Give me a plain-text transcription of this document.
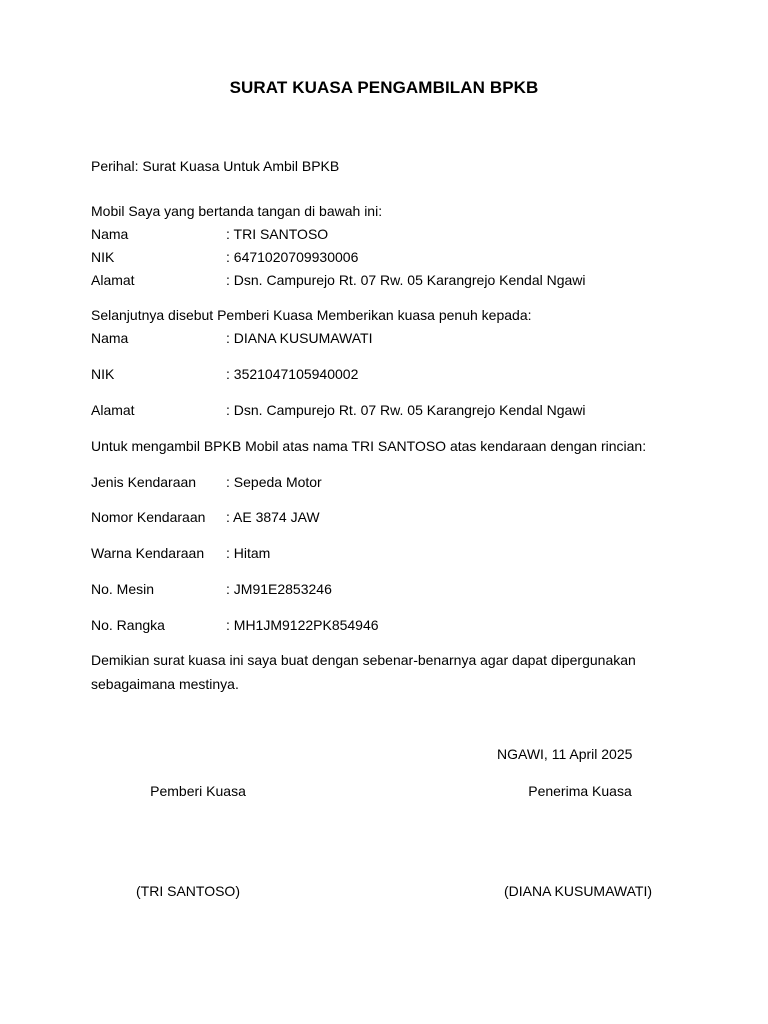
SURAT KUASA PENGAMBILAN BPKB
Perihal: Surat Kuasa Untuk Ambil BPKB
Mobil Saya yang bertanda tangan di bawah ini:
Nama	: TRI SANTOSO
NIK	: 6471020709930006
Alamat	: Dsn. Campurejo Rt. 07 Rw. 05 Karangrejo Kendal Ngawi
Selanjutnya disebut Pemberi Kuasa Memberikan kuasa penuh kepada:
Nama	: DIANA KUSUMAWATI
NIK	: 3521047105940002
Alamat	: Dsn. Campurejo Rt. 07 Rw. 05 Karangrejo Kendal Ngawi
Untuk mengambil BPKB Mobil atas nama TRI SANTOSO atas kendaraan dengan rincian:
Jenis Kendaraan : Sepeda Motor
Nomor Kendaraan : AE 3874 JAW
Warna Kendaraan : Hitam
No. Mesin	: JM91E2853246
No. Rangka	: MH1JM9122PK854946
Demikian surat kuasa ini saya buat dengan sebenar-benarnya agar dapat dipergunakan
sebagaimana mestinya.
NGAWI, 11 April 2025
Pemberi Kuasa	Penerima Kuasa
(TRI SANTOSO)	(DIANA KUSUMAWATI)
